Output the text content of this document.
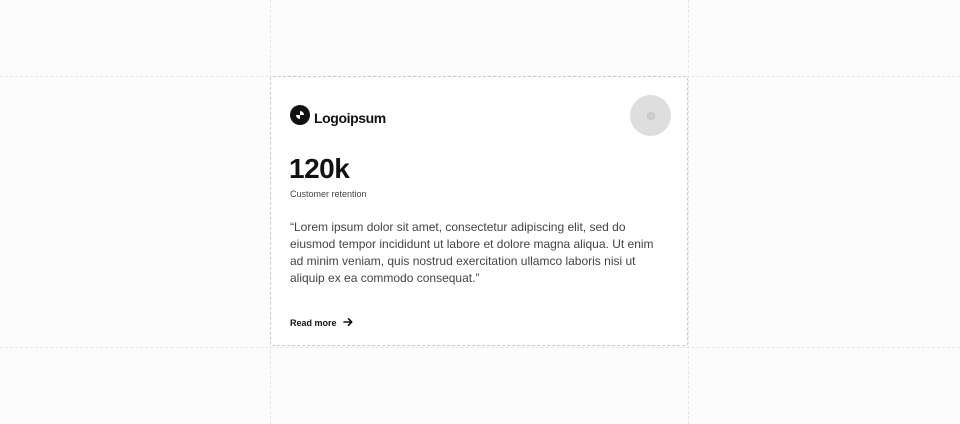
Logoipsum
120k
Customer retention

“Lorem ipsum dolor sit amet, consectetur adipiscing elit, sed do eiusmod tempor incididunt ut labore et dolore magna aliqua. Ut enim ad minim veniam, quis nostrud exercitation ullamco laboris nisi ut aliquip ex ea commodo consequat.”

Read more
